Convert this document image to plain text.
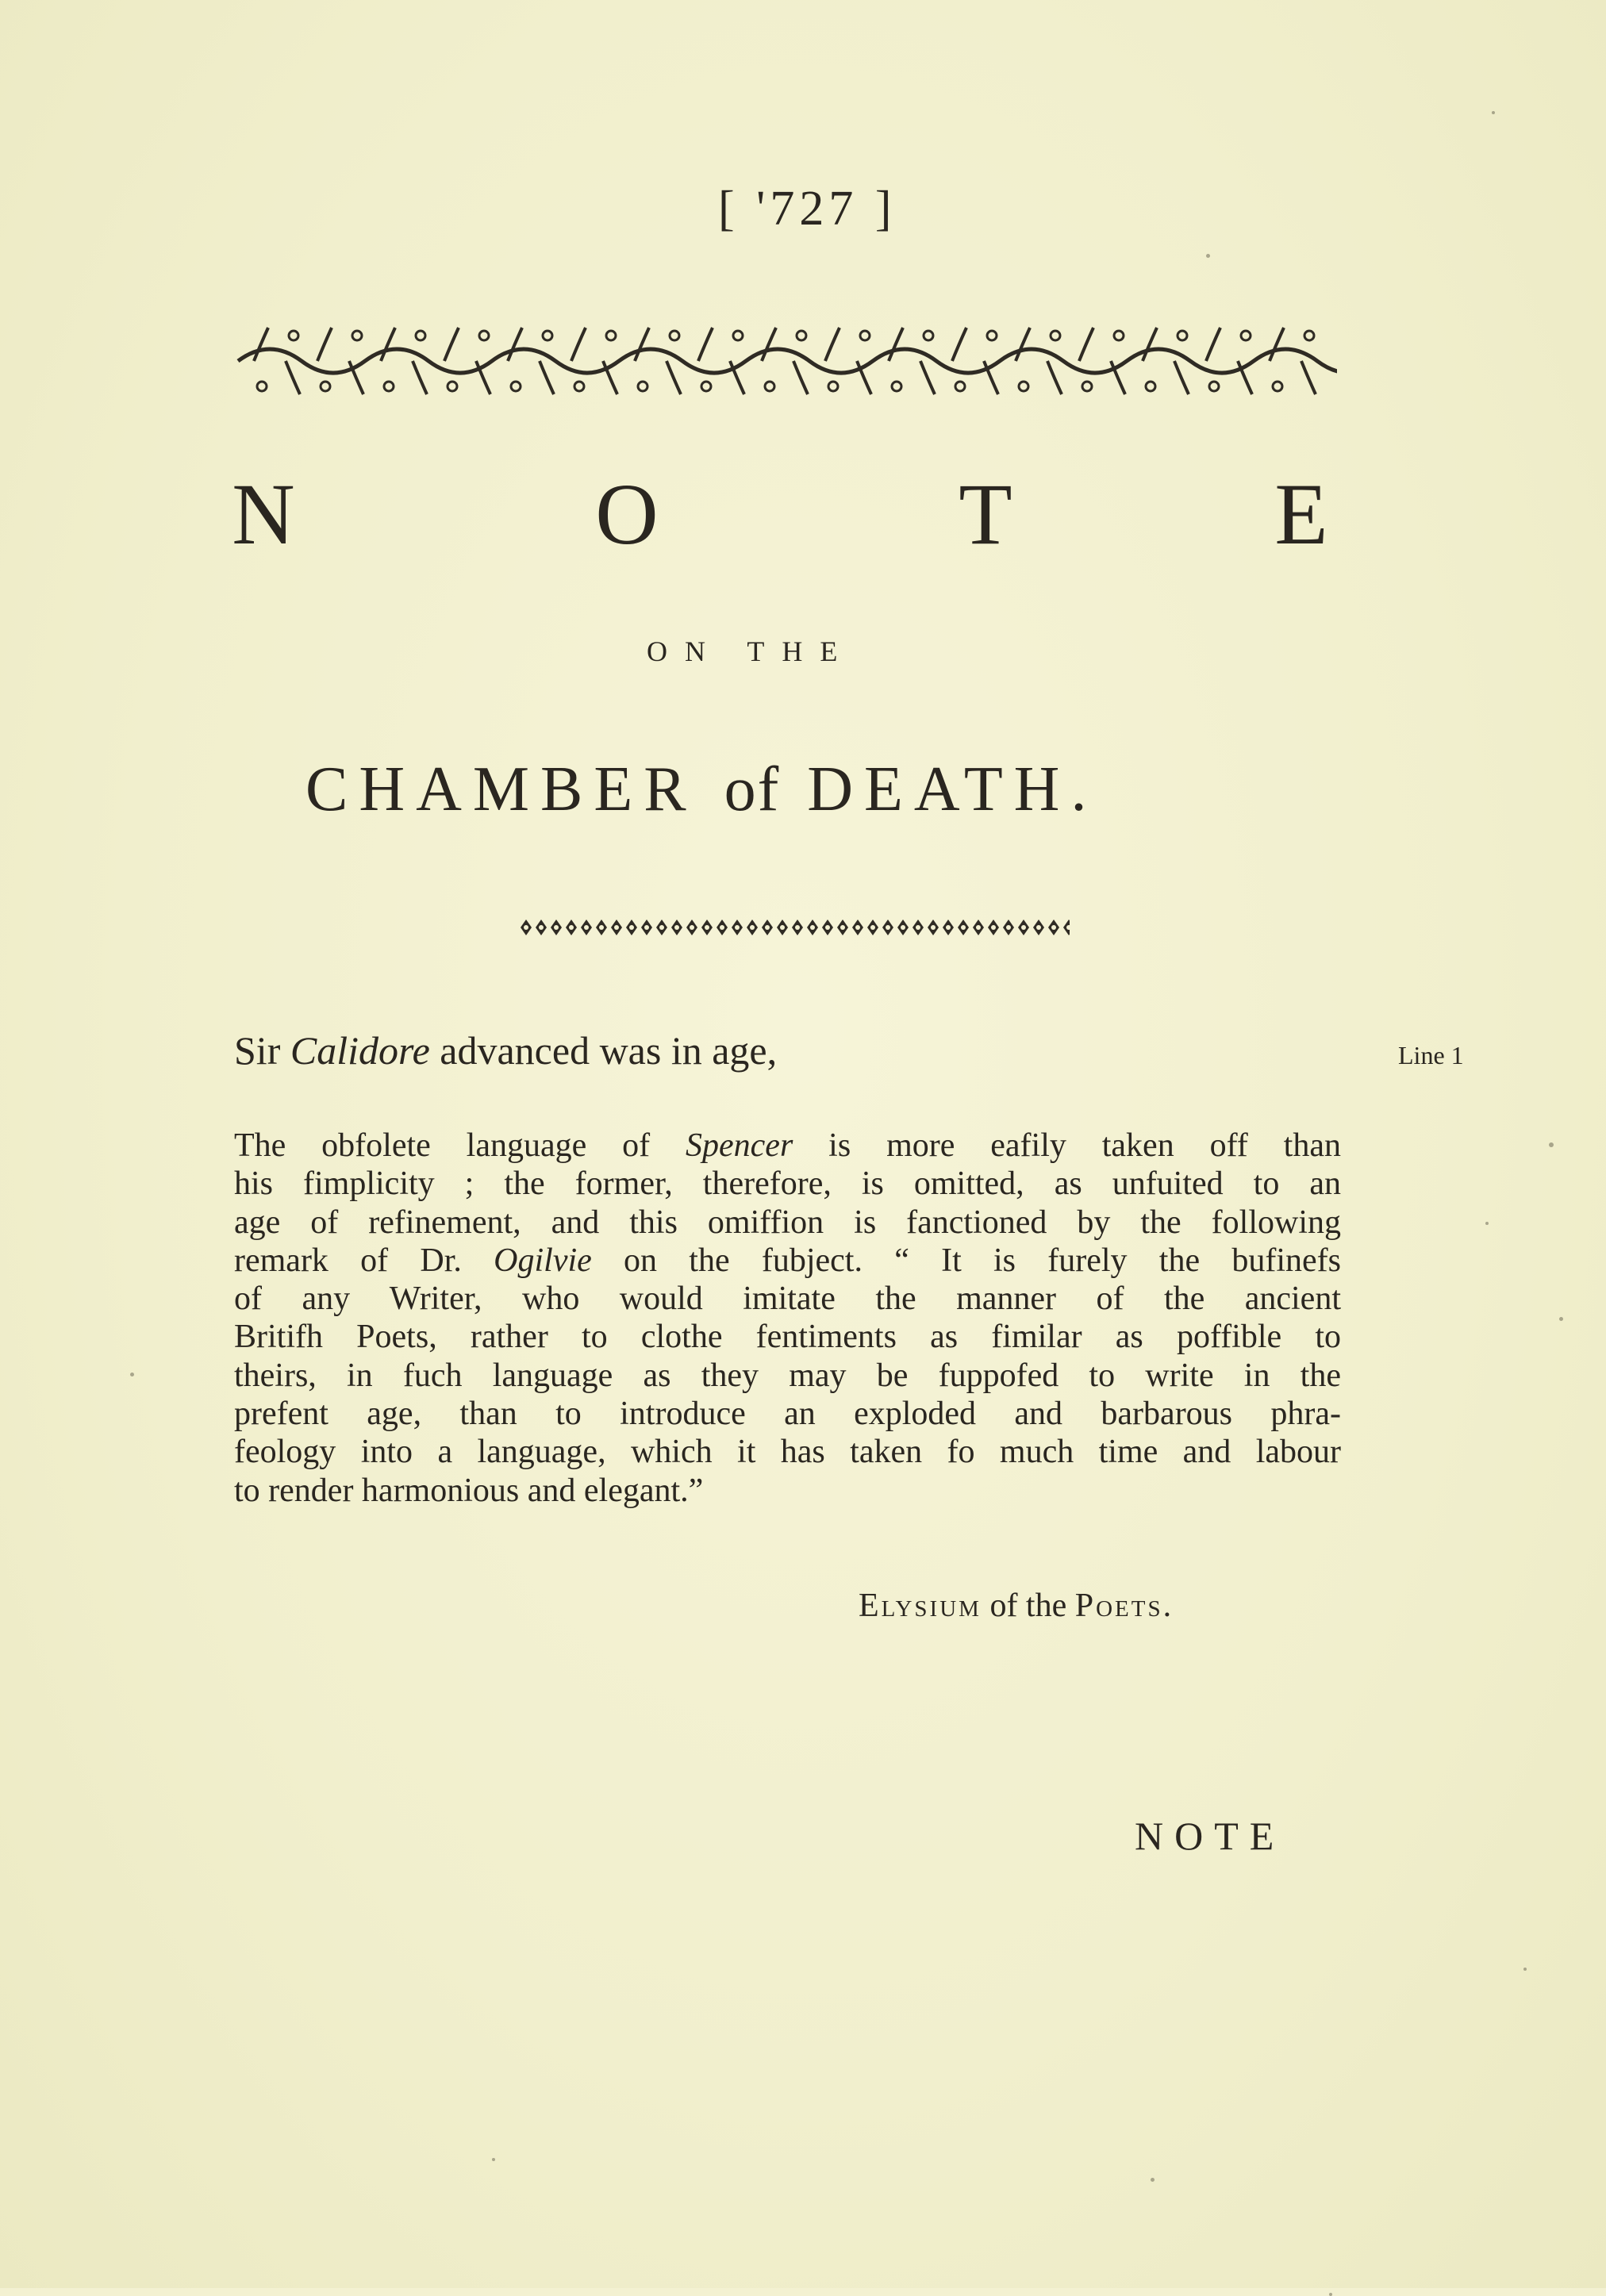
[ '727 ]
N	O	T	E
ON THE
CHAMBER of DEATH.
Sir Calidore advanced was in age,	Line 1
The obfolete language of Spencer is more eafily taken off than
his fimplicity ; the former, therefore, is omitted, as unfuited to an
age of refinement, and this omiffion is fanctioned by the following
remark of Dr. Ogilvie on the fubject. “ It is furely the bufinefs
of any Writer, who would imitate the manner of the ancient
Britifh Poets, rather to clothe fentiments as fimilar as poffible to
theirs, in fuch language as they may be fuppofed to write in the
prefent age, than to introduce an exploded and barbarous phra-
feology into a language, which it has taken fo much time and labour
to render harmonious and elegant.”
Elysium of the Poets.
NOTE
